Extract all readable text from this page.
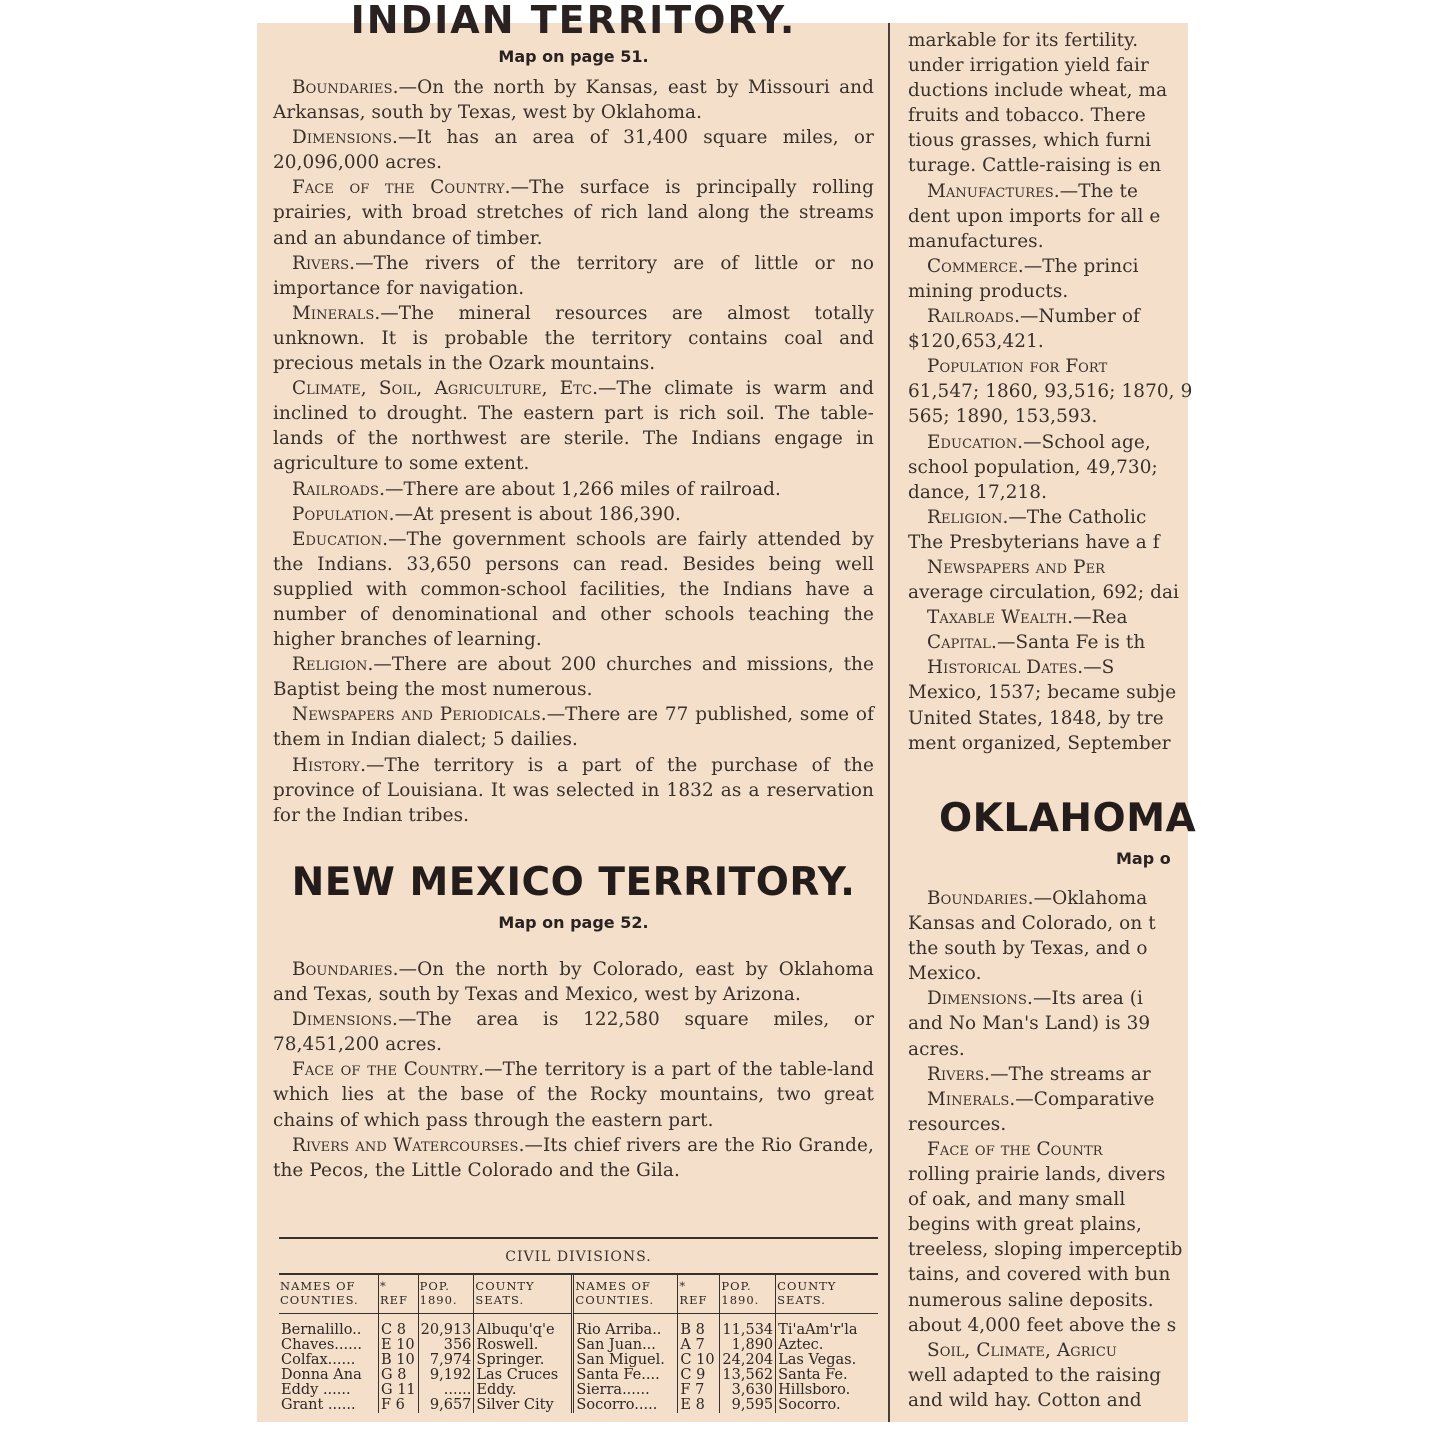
INDIAN TERRITORY.

Map on page 51.

Boundaries.—On the north by Kansas, east by Missouri and Arkansas, south by Texas, west by Oklahoma.

Dimensions.—It has an area of 31,400 square miles, or 20,096,000 acres.

Face of the Country.—The surface is principally rolling prairies, with broad stretches of rich land along the streams and an abundance of timber.

Rivers.—The rivers of the territory are of little or no importance for navigation.

Minerals.—The mineral resources are almost totally unknown. It is probable the territory contains coal and precious metals in the Ozark mountains.

Climate, Soil, Agriculture, Etc.—The climate is warm and inclined to drought. The eastern part is rich soil. The table-lands of the northwest are sterile. The Indians engage in agriculture to some extent.

Railroads.—There are about 1,266 miles of railroad.

Population.—At present is about 186,390.

Education.—The government schools are fairly attended by the Indians. 33,650 persons can read. Besides being well supplied with common-school facilities, the Indians have a number of denominational and other schools teaching the higher branches of learning.

Religion.—There are about 200 churches and missions, the Baptist being the most numerous.

Newspapers and Periodicals.—There are 77 published, some of them in Indian dialect; 5 dailies.

History.—The territory is a part of the purchase of the province of Louisiana. It was selected in 1832 as a reservation for the Indian tribes.

NEW MEXICO TERRITORY.

Map on page 52.

Boundaries.—On the north by Colorado, east by Oklahoma and Texas, south by Texas and Mexico, west by Arizona.

Dimensions.—The area is 122,580 square miles, or 78,451,200 acres.

Face of the Country.—The territory is a part of the table-land which lies at the base of the Rocky mountains, two great chains of which pass through the eastern part.

Rivers and Watercourses.—Its chief rivers are the Rio Grande, the Pecos, the Little Colorado and the Gila.

CIVIL DIVISIONS.
NAMES OF COUNTIES.	* REF	POP. 1890.	COUNTY SEATS.	NAMES OF COUNTIES.	* REF	POP. 1890.	COUNTY SEATS.

Bernalillo..	C 8	20,913	Albuqu'q'e	Rio Arriba..	B 8	11,534	Ti'aAm'r'la
Chaves......	E 10	356	Roswell.	San Juan...	A 7	1,890	Aztec.
Colfax......	B 10	7,974	Springer.	San Miguel.	C 10	24,204	Las Vegas.
Donna Ana	G 8	9,192	Las Cruces	Santa Fe....	C 9	13,562	Santa Fe.
Eddy ......	G 11	......	Eddy.	Sierra......	F 7	3,630	Hillsboro.
Grant ......	F 6	9,657	Silver City	Socorro.....	E 8	9,595	Socorro.

markable for its fertility.

under irrigation yield fair

ductions include wheat, ma

fruits and tobacco. There

tious grasses, which furni

turage. Cattle-raising is en

Manufactures.—The te

dent upon imports for all e

manufactures.

Commerce.—The princi

mining products.

Railroads.—Number of

$120,653,421.

Population for Fort

61,547; 1860, 93,516; 1870, 9

565; 1890, 153,593.

Education.—School age,

school population, 49,730;

dance, 17,218.

Religion.—The Catholic

The Presbyterians have a f

Newspapers and Per

average circulation, 692; dai

Taxable Wealth.—Rea

Capital.—Santa Fe is th

Historical Dates.—S

Mexico, 1537; became subje

United States, 1848, by tre

ment organized, September

OKLAHOMA

Map o

Boundaries.—Oklahoma

Kansas and Colorado, on t

the south by Texas, and o

Mexico.

Dimensions.—Its area (i

and No Man's Land) is 39

acres.

Rivers.—The streams ar

Minerals.—Comparative

resources.

Face of the Countr

rolling prairie lands, divers

of oak, and many small

begins with great plains,

treeless, sloping imperceptib

tains, and covered with bun

numerous saline deposits.

about 4,000 feet above the s

Soil, Climate, Agricu

well adapted to the raising

and wild hay. Cotton and
